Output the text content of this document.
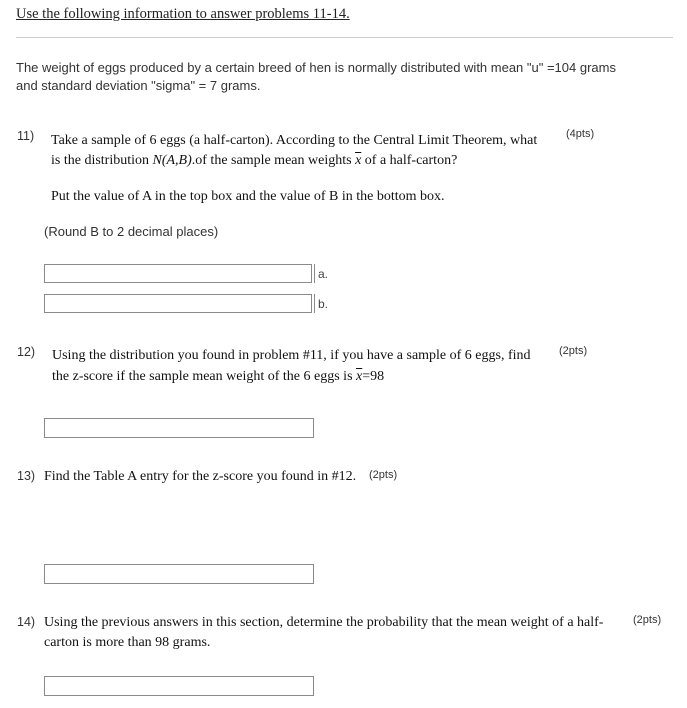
Use the following information to answer problems 11-14.
The weight of eggs produced by a certain breed of hen is normally distributed with mean "u" =104 grams and standard deviation "sigma" = 7 grams.
11)	(4pts)
Take a sample of 6 eggs (a half-carton). According to the Central Limit Theorem, what
is the distribution N(A,B).of the sample mean weights $\overline{x}$ of a half-carton?
Put the value of A in the top box and the value of B in the bottom box.
(Round B to 2 decimal places)
a.
b.
12)	(2pts)
Using the distribution you found in problem #11, if you have a sample of 6 eggs, find
the z-score if the sample mean weight of the 6 eggs is $\overline{x}=98$
13) Find the Table A entry for the z-score you found in #12. (2pts)
14) Using the previous answers in this section, determine the probability that the mean weight of a half-	(2pts)
carton is more than 98 grams.
